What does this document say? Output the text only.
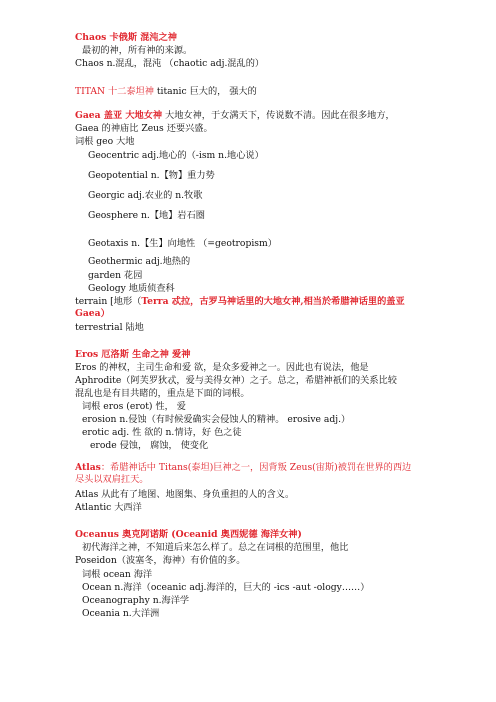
Chaos 卡俄斯 混沌之神
最初的神，所有神的来源。
Chaos n.混乱，混沌 （chaotic adj.混乱的）
TITAN 十二泰坦神 titanic 巨大的， 强大的
Gaea 盖亚 大地女神 大地女神，于女满天下，传说数不清。因此在很多地方，
Gaea 的神庙比 Zeus 还要兴盛。
词根 geo 大地
Geocentric adj.地心的（-ism n.地心说）
Geopotential n.【物】重力势
Georgic adj.农业的 n.牧歌
Geosphere n.【地】岩石圈
Geotaxis n.【生】向地性 （=geotropism）
Geothermic adj.地热的
garden 花园
Geology 地质侦查科
terrain [地形（Terra 忒拉，古罗马神话里的大地女神,相当於希腊神话里的盖亚 Gaea）
terrestrial 陆地
Eros 厄洛斯 生命之神 爱神
Eros 的神权，主司生命和爱 欲，是众多爱神之一。因此也有说法，他是
Aphrodite（阿芙罗狄忒，爱与美得女神）之子。总之，希腊神祇们的关系比较
混乱也是有目共睹的，重点是下面的词根。
词根 eros (erot) 性， 爱
erosion n.侵蚀（有时候爱确实会侵蚀人的精神。 erosive adj.）
erotic adj. 性 欲的 n.情诗，好 色之徒
erode 侵蚀， 腐蚀， 使变化
Atlas：希腊神话中 Titans(泰坦)巨神之一，因背叛 Zeus(宙斯)被罚在世界的西边尽头以双肩扛天。
Atlas 从此有了地图、地图集、身负重担的人的含义。
Atlantic 大西洋
Oceanus 奥克阿诺斯 (Oceanid 奥西妮德 海洋女神)
初代海洋之神，不知道后来怎么样了。总之在词根的范围里，他比
Poseidon（波塞冬，海神）有价值的多。
词根 ocean 海洋
Ocean n.海洋（oceanic adj.海洋的，巨大的 -ics -aut -ology……）
Oceanography n.海洋学
Oceania n.大洋洲
